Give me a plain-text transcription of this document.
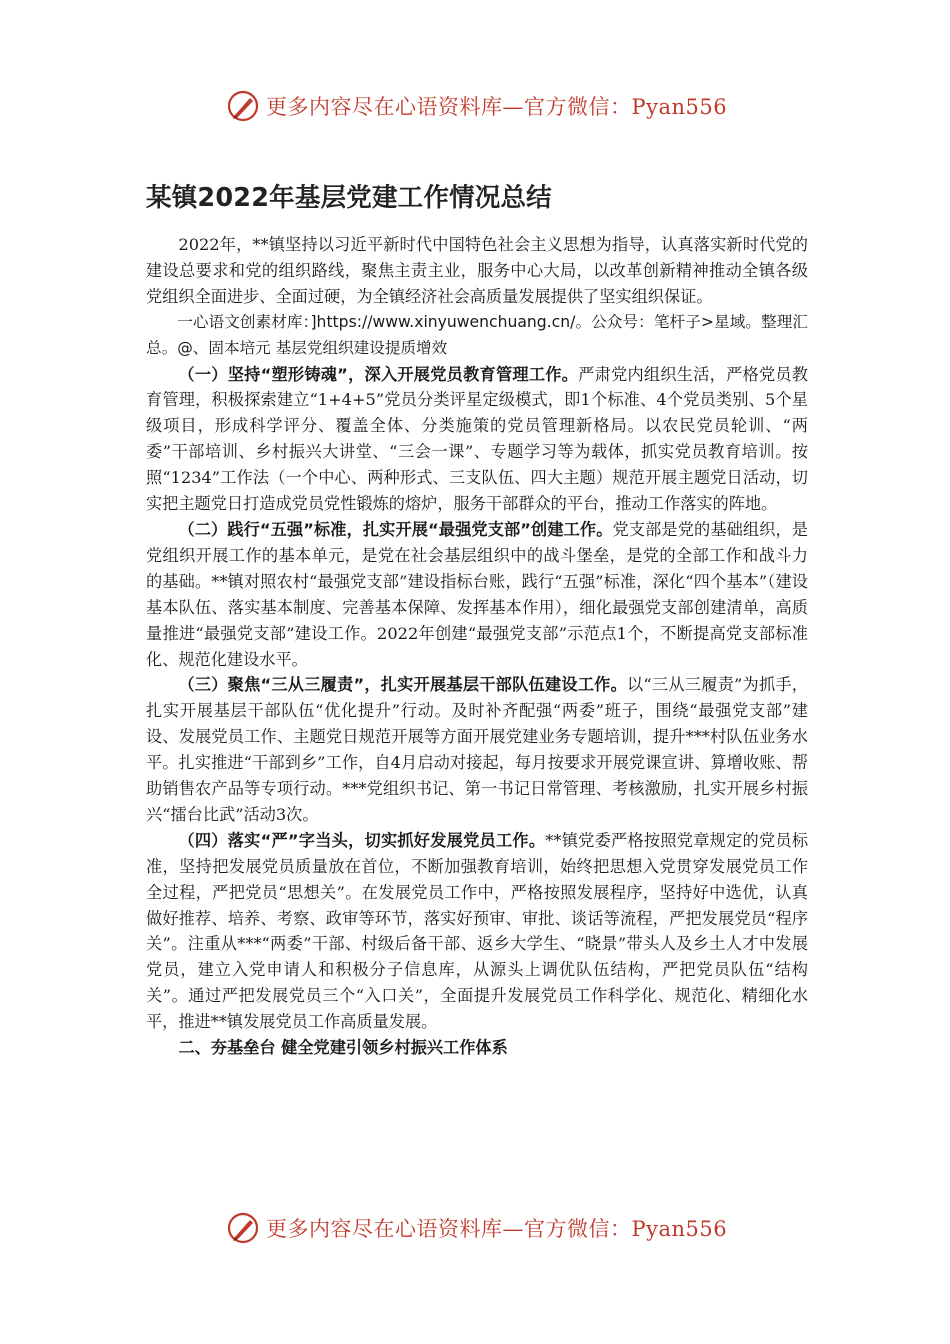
更多内容尽在心语资料库—官方微信：Pyan556
某镇2022年基层党建工作情况总结

2022年，**镇坚持以习近平新时代中国特色社会主义思想为指导，认真落实新时代党的建设总要求和党的组织路线，聚焦主责主业，服务中心大局，以改革创新精神推动全镇各级党组织全面进步、全面过硬，为全镇经济社会高质量发展提供了坚实组织保证。

一心语文创素材库：]https://www.xinyuwenchuang.cn/。公众号：笔杆子>星域。整理汇总。@、固本培元 基层党组织建设提质增效

（一）坚持“塑形铸魂”，深入开展党员教育管理工作。严肃党内组织生活，严格党员教育管理，积极探索建立“1+4+5”党员分类评星定级模式，即1个标准、4个党员类别、5个星级项目，形成科学评分、覆盖全体、分类施策的党员管理新格局。以农民党员轮训、“两委”干部培训、乡村振兴大讲堂、“三会一课”、专题学习等为载体，抓实党员教育培训。按照“1234”工作法（一个中心、两种形式、三支队伍、四大主题）规范开展主题党日活动，切实把主题党日打造成党员党性锻炼的熔炉，服务干部群众的平台，推动工作落实的阵地。

（二）践行“五强”标准，扎实开展“最强党支部”创建工作。党支部是党的基础组织，是党组织开展工作的基本单元，是党在社会基层组织中的战斗堡垒，是党的全部工作和战斗力的基础。**镇对照农村“最强党支部”建设指标台账，践行“五强”标准，深化“四个基本”（建设基本队伍、落实基本制度、完善基本保障、发挥基本作用），细化最强党支部创建清单，高质量推进“最强党支部”建设工作。2022年创建“最强党支部”示范点1个，不断提高党支部标准化、规范化建设水平。

（三）聚焦“三从三履责”，扎实开展基层干部队伍建设工作。以“三从三履责”为抓手，扎实开展基层干部队伍“优化提升”行动。及时补齐配强“两委”班子，围绕“最强党支部”建设、发展党员工作、主题党日规范开展等方面开展党建业务专题培训，提升***村队伍业务水平。扎实推进“干部到乡”工作，自4月启动对接起，每月按要求开展党课宣讲、算增收账、帮助销售农产品等专项行动。***党组织书记、第一书记日常管理、考核激励，扎实开展乡村振兴“擂台比武”活动3次。

（四）落实“严”字当头，切实抓好发展党员工作。**镇党委严格按照党章规定的党员标准，坚持把发展党员质量放在首位，不断加强教育培训，始终把思想入党贯穿发展党员工作全过程，严把党员“思想关”。在发展党员工作中，严格按照发展程序，坚持好中选优，认真做好推荐、培养、考察、政审等环节，落实好预审、审批、谈话等流程，严把发展党员“程序关”。注重从***“两委”干部、村级后备干部、返乡大学生、“晓景”带头人及乡土人才中发展党员，建立入党申请人和积极分子信息库，从源头上调优队伍结构，严把党员队伍“结构关”。通过严把发展党员三个“入口关”，全面提升发展党员工作科学化、规范化、精细化水平，推进**镇发展党员工作高质量发展。

二、夯基垒台 健全党建引领乡村振兴工作体系

更多内容尽在心语资料库—官方微信：Pyan556
